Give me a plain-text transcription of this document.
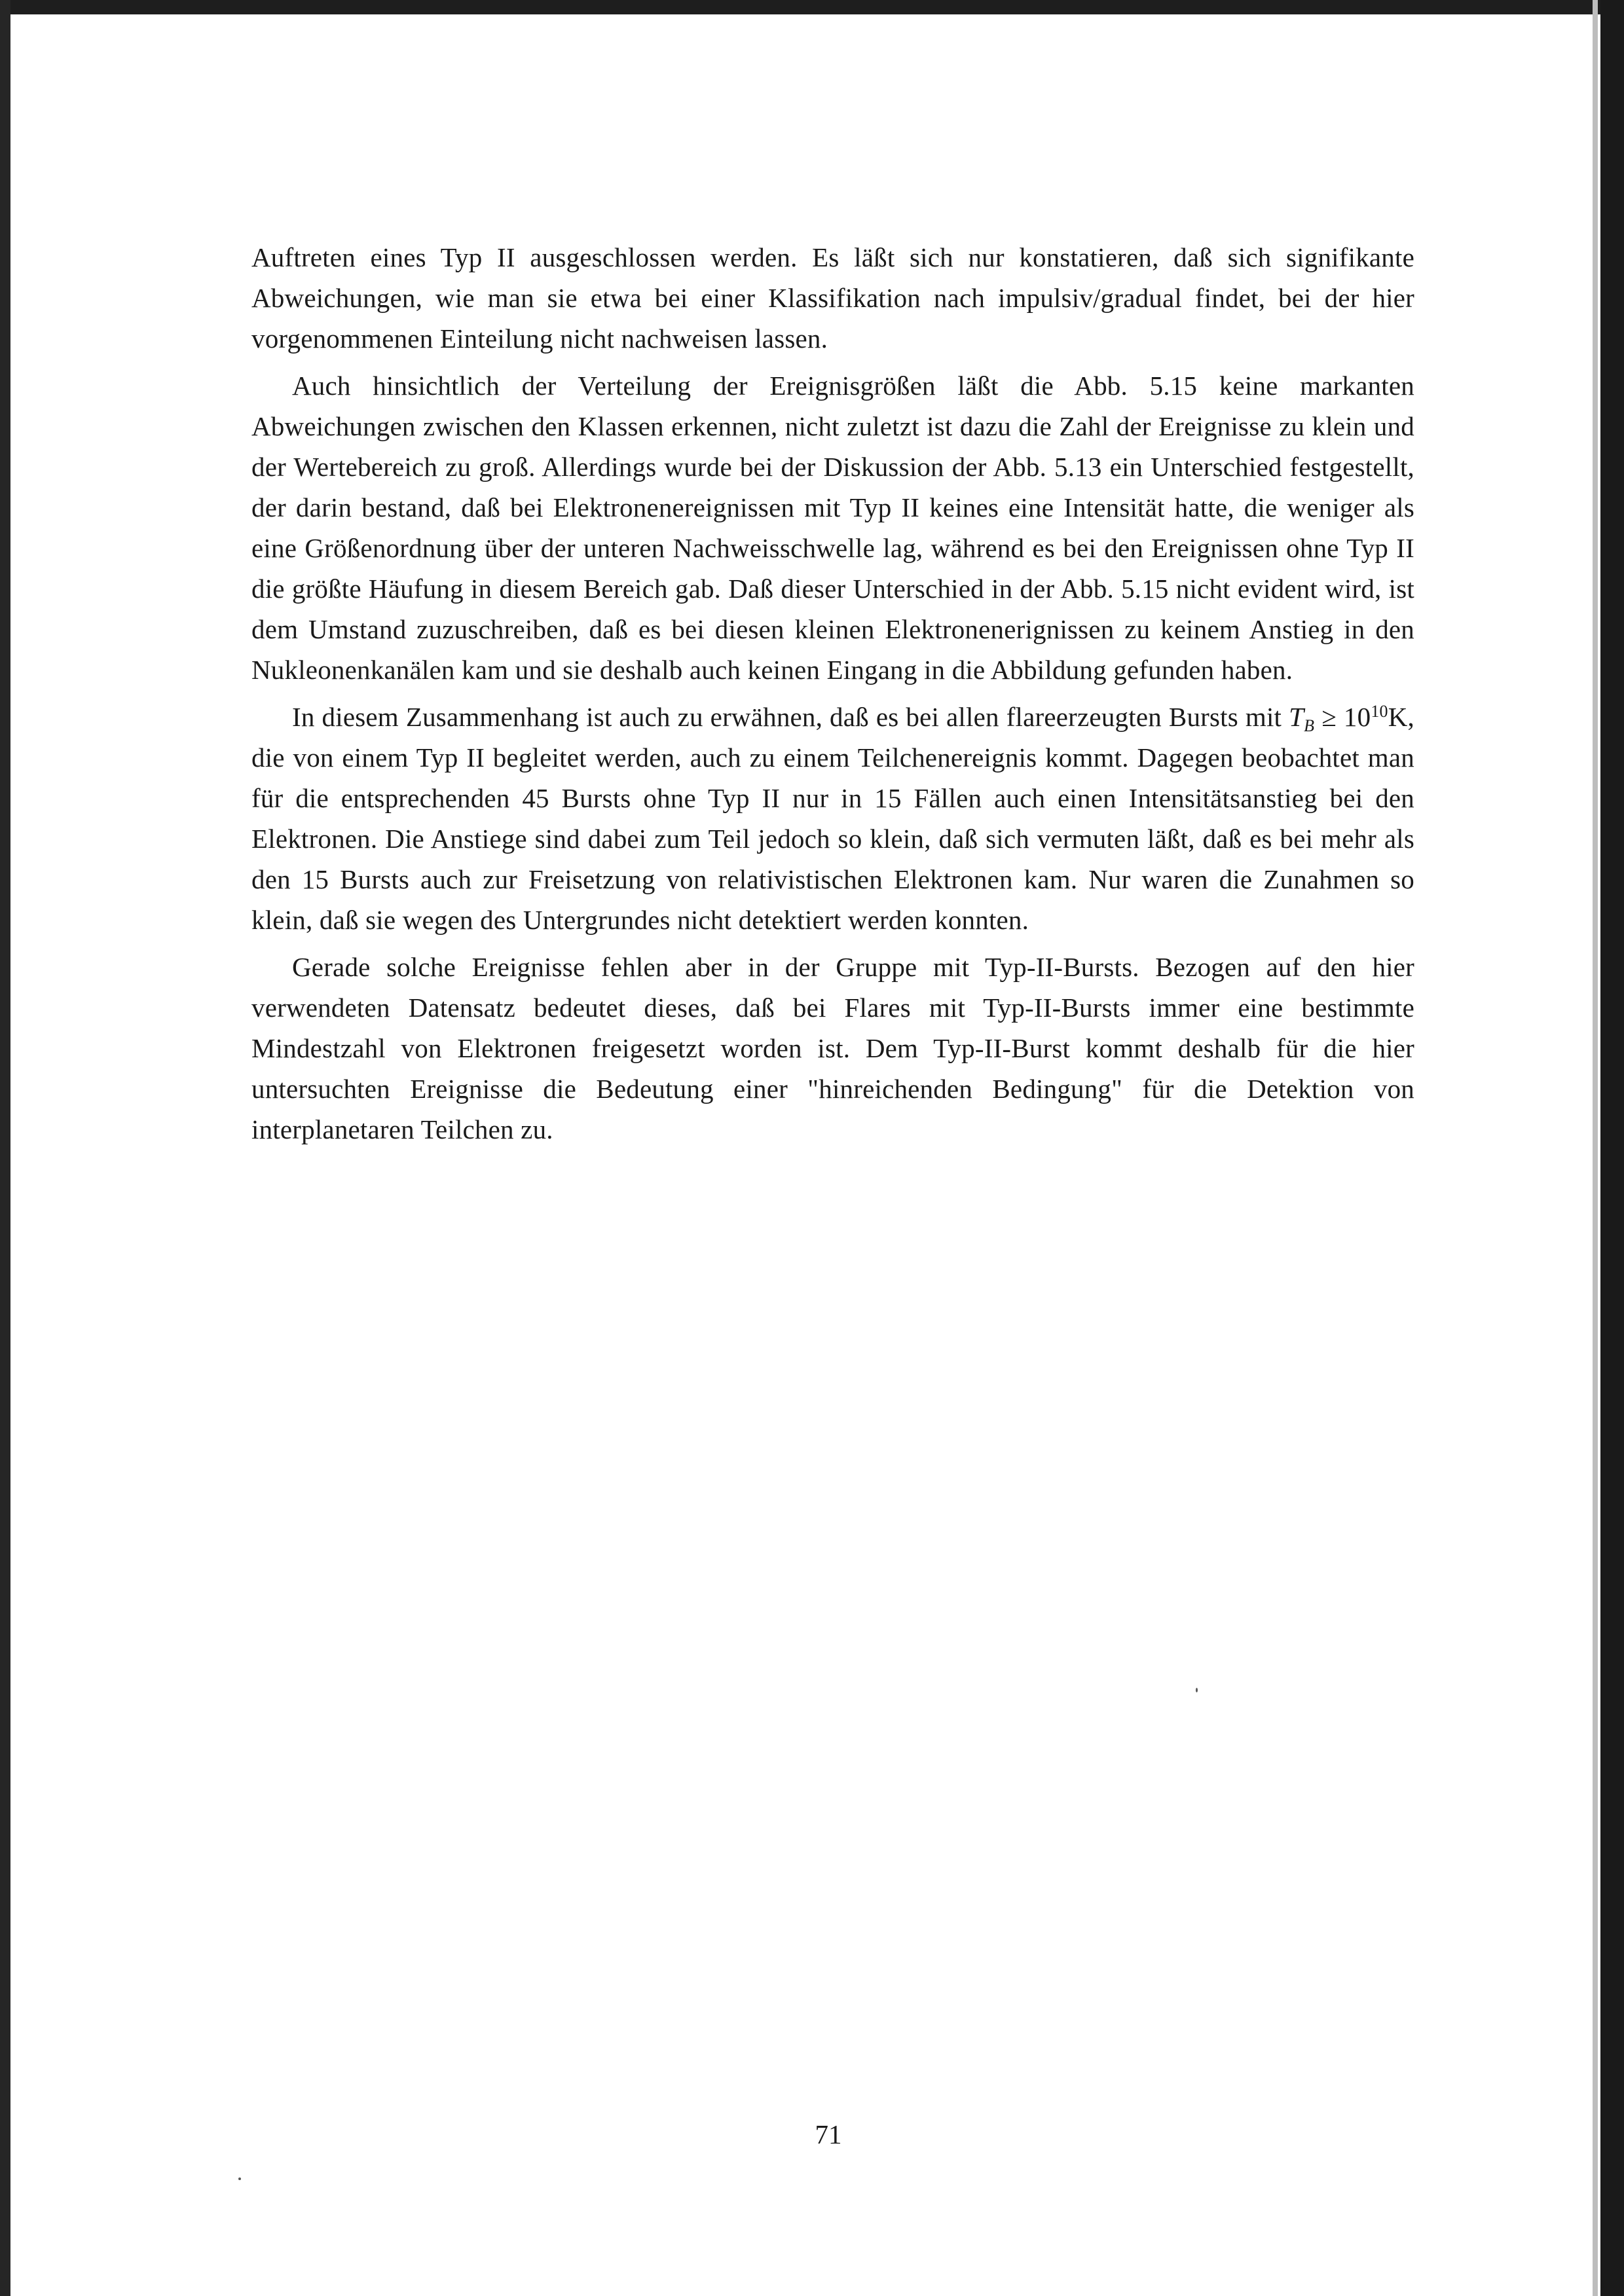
Auftreten eines Typ II ausgeschlossen werden. Es läßt sich nur konstatieren, daß sich signifikante Abweichungen, wie man sie etwa bei einer Klassifikation nach impulsiv/gradual findet, bei der hier vorgenommenen Einteilung nicht nachweisen lassen.

Auch hinsichtlich der Verteilung der Ereignisgrößen läßt die Abb. 5.15 keine markanten Abweichungen zwischen den Klassen erkennen, nicht zuletzt ist dazu die Zahl der Ereignisse zu klein und der Wertebereich zu groß. Allerdings wurde bei der Diskussion der Abb. 5.13 ein Unterschied festgestellt, der darin bestand, daß bei Elektronenereignissen mit Typ II keines eine Intensität hatte, die weniger als eine Größenordnung über der unteren Nachweisschwelle lag, während es bei den Ereignissen ohne Typ II die größte Häufung in diesem Bereich gab. Daß dieser Unterschied in der Abb. 5.15 nicht evident wird, ist dem Umstand zuzuschreiben, daß es bei diesen kleinen Elektronenerignissen zu keinem Anstieg in den Nukleonenkanälen kam und sie deshalb auch keinen Eingang in die Abbildung gefunden haben.

In diesem Zusammenhang ist auch zu erwähnen, daß es bei allen flareerzeugten Bursts mit TB ≥ $10^{10}K$, die von einem Typ II begleitet werden, auch zu einem Teilchenereignis kommt. Dagegen beobachtet man für die entsprechenden 45 Bursts ohne Typ II nur in 15 Fällen auch einen Intensitätsanstieg bei den Elektronen. Die Anstiege sind dabei zum Teil jedoch so klein, daß sich vermuten läßt, daß es bei mehr als den 15 Bursts auch zur Freisetzung von relativistischen Elektronen kam. Nur waren die Zunahmen so klein, daß sie wegen des Untergrundes nicht detektiert werden konnten.

Gerade solche Ereignisse fehlen aber in der Gruppe mit Typ-II-Bursts. Bezogen auf den hier verwendeten Datensatz bedeutet dieses, daß bei Flares mit Typ-II-Bursts immer eine bestimmte Mindestzahl von Elektronen freigesetzt worden ist. Dem Typ-II-Burst kommt deshalb für die hier untersuchten Ereignisse die Bedeutung einer "hinreichenden Bedingung" für die Detektion von interplanetaren Teilchen zu.

71
